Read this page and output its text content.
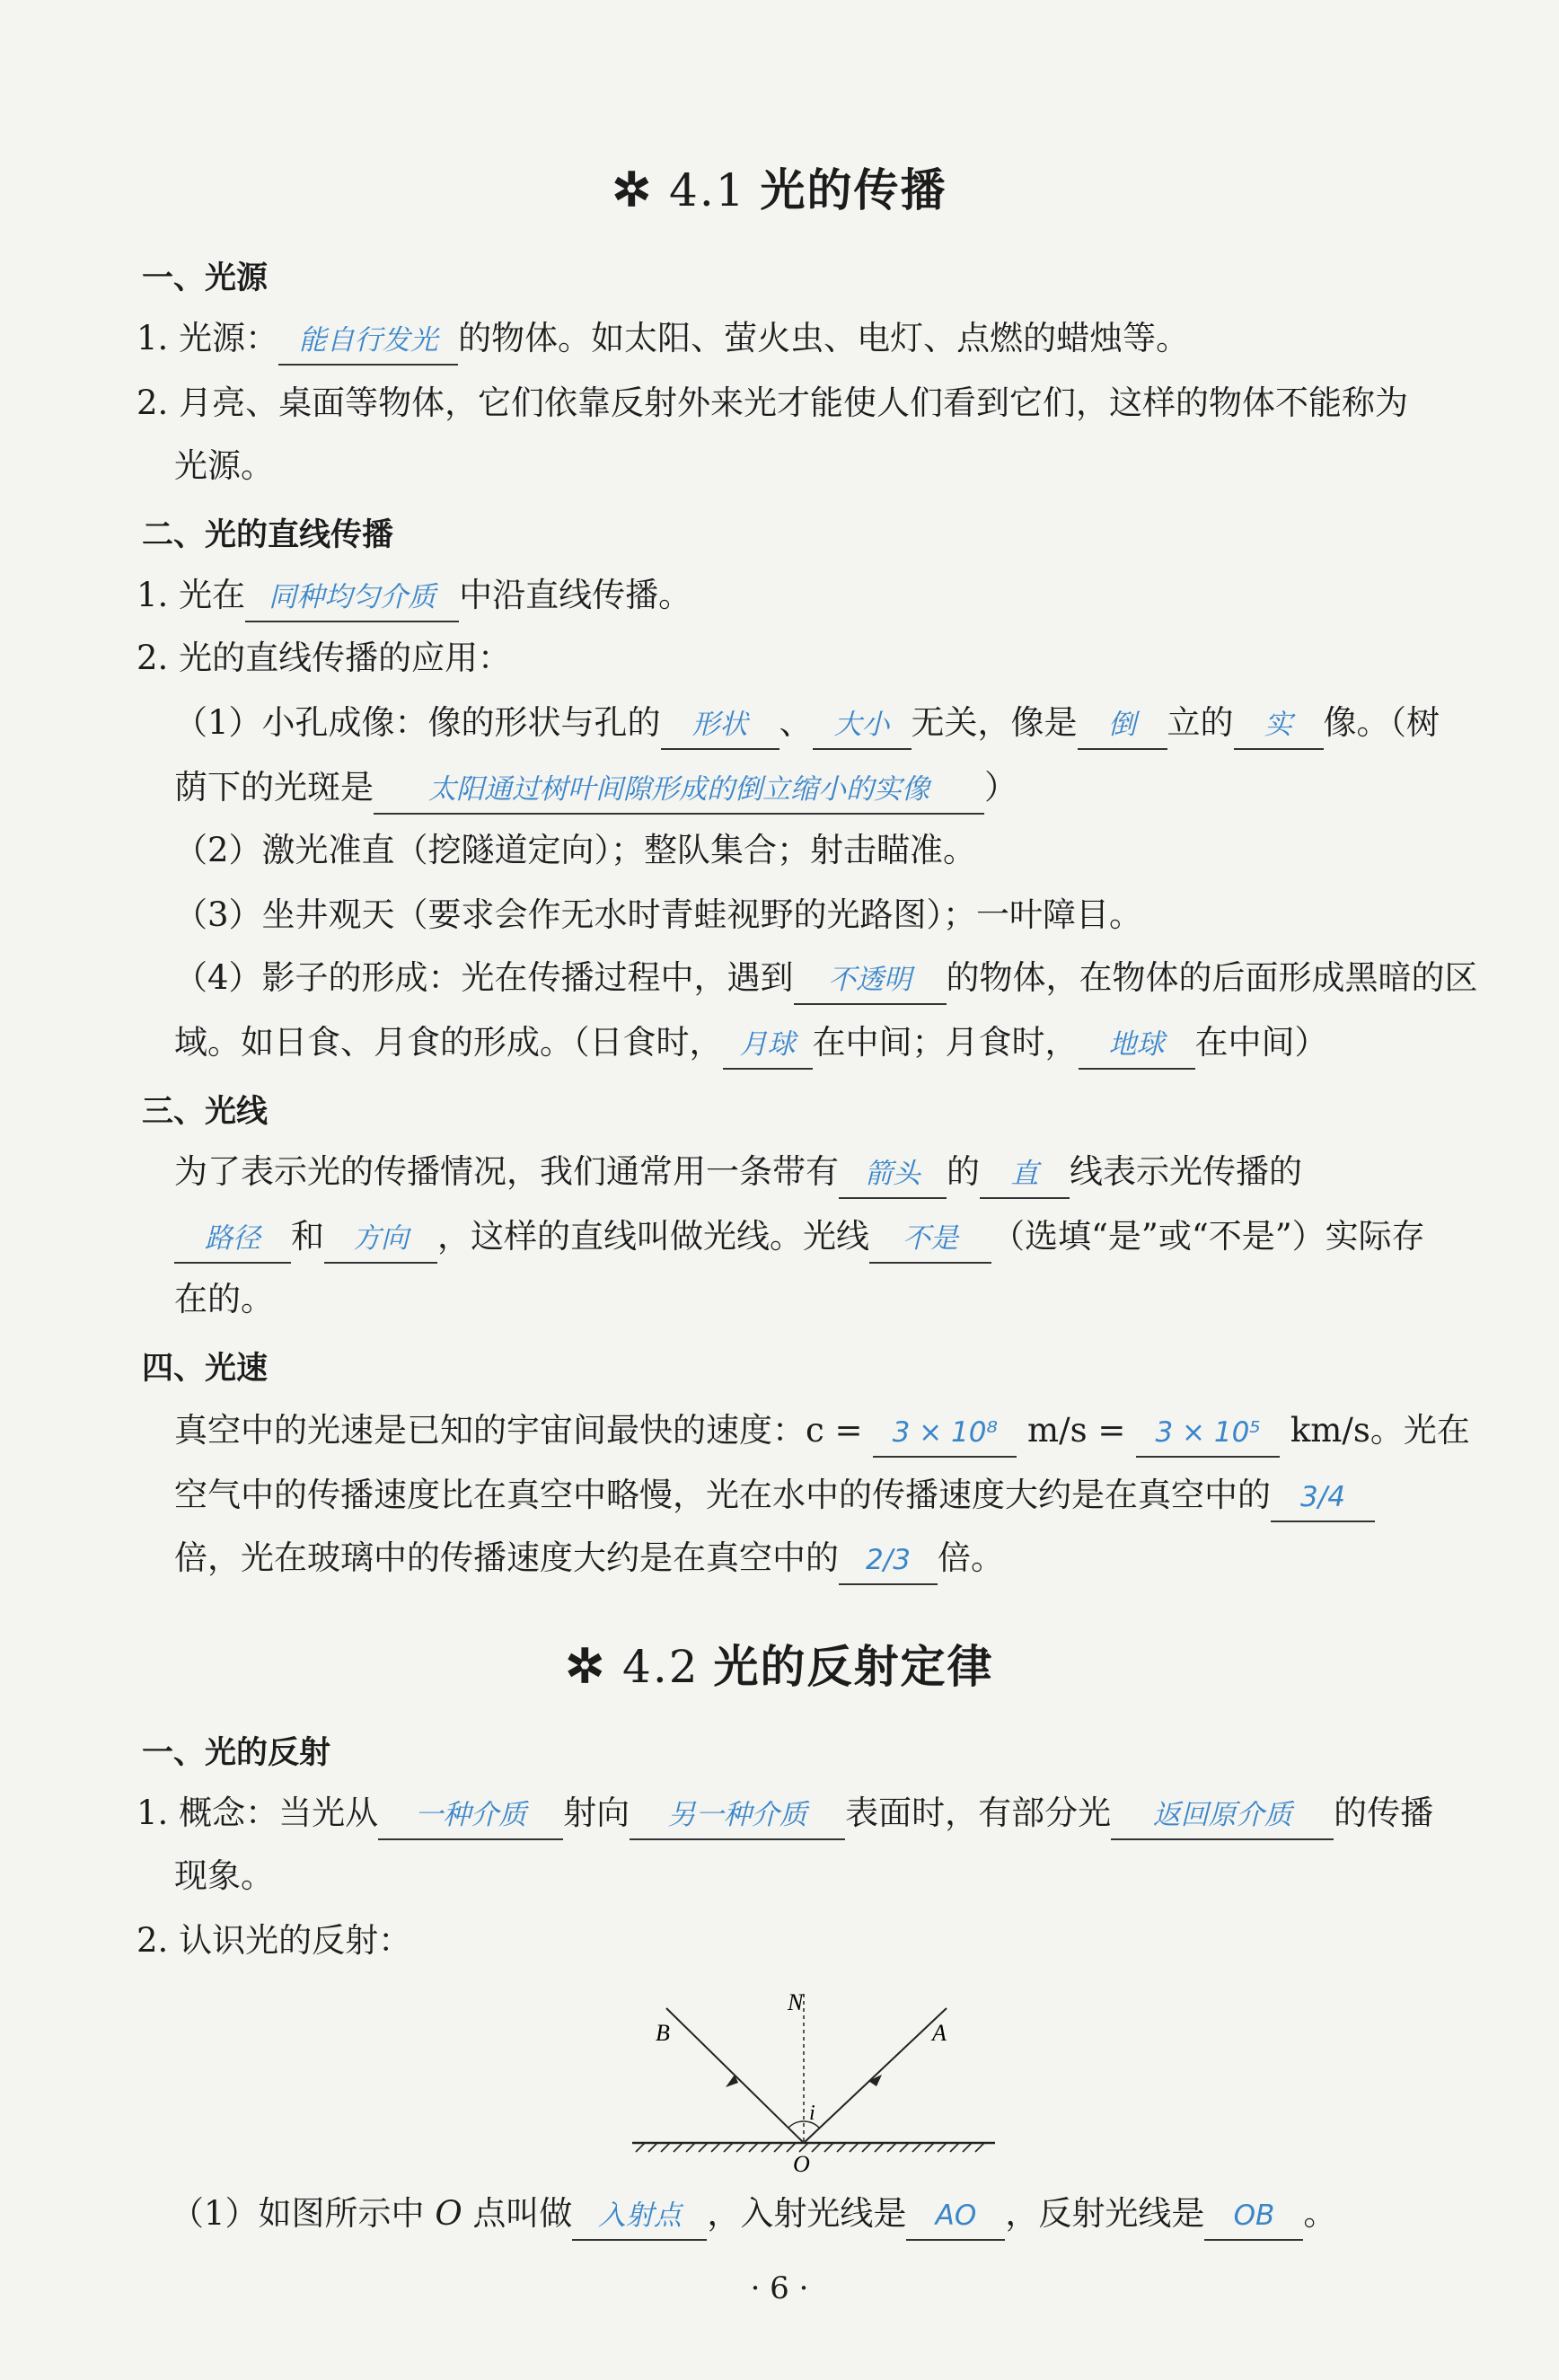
✲ 4.1 光的传播
一、光源
1. 光源： 能自行发光 的物体。如太阳、萤火虫、电灯、点燃的蜡烛等。
2. 月亮、桌面等物体，它们依靠反射外来光才能使人们看到它们，这样的物体不能称为
光源。
二、光的直线传播
1. 光在 同种均匀介质 中沿直线传播。
2. 光的直线传播的应用：
（1）小孔成像：像的形状与孔的 形状 、 大小 无关，像是 倒 立的 实 像。（树
荫下的光斑是 太阳通过树叶间隙形成的倒立缩小的实像 ）
（2）激光准直（挖隧道定向）；整队集合；射击瞄准。
（3）坐井观天（要求会作无水时青蛙视野的光路图）；一叶障目。
（4）影子的形成：光在传播过程中，遇到 不透明 的物体，在物体的后面形成黑暗的区
域。如日食、月食的形成。（日食时， 月球 在中间；月食时， 地球 在中间）
三、光线
为了表示光的传播情况，我们通常用一条带有 箭头 的 直 线表示光传播的
路径 和 方向 ，这样的直线叫做光线。光线 不是 （选填“是”或“不是”）实际存
在的。
四、光速
真空中的光速是已知的宇宙间最快的速度：c = 3 × 10⁸ m/s = 3 × 10⁵ km/s。光在
空气中的传播速度比在真空中略慢，光在水中的传播速度大约是在真空中的 3/4
倍，光在玻璃中的传播速度大约是在真空中的 2/3 倍。
✲ 4.2 光的反射定律
一、光的反射
1. 概念：当光从 一种介质 射向 另一种介质 表面时，有部分光 返回原介质 的传播
现象。
2. 认识光的反射：
B
N
A
i
O
（1）如图所示中 O 点叫做 入射点 ，入射光线是 AO ，反射光线是 OB 。
· 6 ·
